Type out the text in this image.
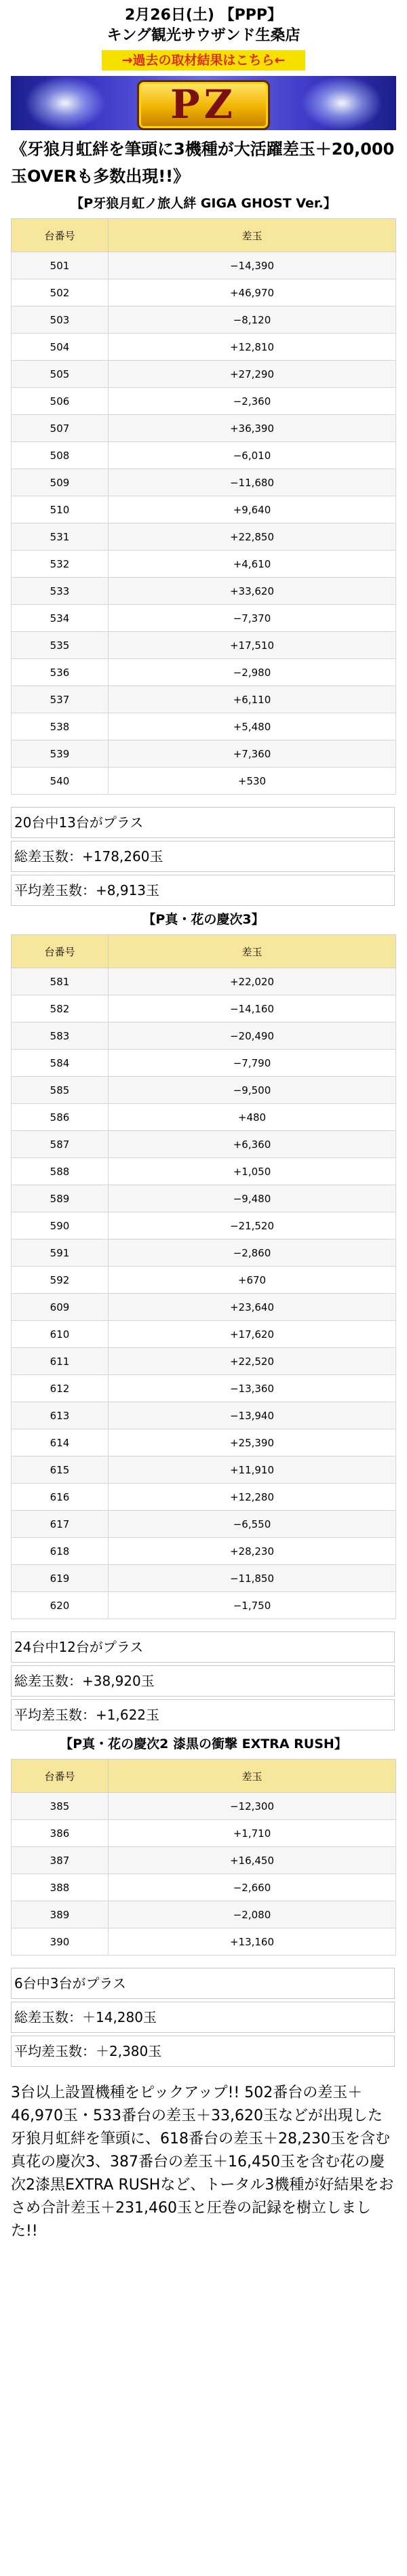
2月26日(土) 【PPP】
キング観光サウザンド生桑店
→過去の取材結果はこちら←
PZ
《牙狼月虹絆を筆頭に3機種が大活躍差玉＋20,000玉OVERも多数出現!!》
【P牙狼月虹ノ旅人絆 GIGA GHOST Ver.】
台番号	差玉
501	−14,390
502	+46,970
503	−8,120
504	+12,810
505	+27,290
506	−2,360
507	+36,390
508	−6,010
509	−11,680
510	+9,640
531	+22,850
532	+4,610
533	+33,620
534	−7,370
535	+17,510
536	−2,980
537	+6,110
538	+5,480
539	+7,360
540	+530
20台中13台がプラス
総差玉数：+178,260玉
平均差玉数：+8,913玉
【P真・花の慶次3】
台番号	差玉
581	+22,020
582	−14,160
583	−20,490
584	−7,790
585	−9,500
586	+480
587	+6,360
588	+1,050
589	−9,480
590	−21,520
591	−2,860
592	+670
609	+23,640
610	+17,620
611	+22,520
612	−13,360
613	−13,940
614	+25,390
615	+11,910
616	+12,280
617	−6,550
618	+28,230
619	−11,850
620	−1,750
24台中12台がプラス
総差玉数：+38,920玉
平均差玉数：+1,622玉
【P真・花の慶次2 漆黒の衝撃 EXTRA RUSH】
台番号	差玉
385	−12,300
386	+1,710
387	+16,450
388	−2,660
389	−2,080
390	+13,160
6台中3台がプラス
総差玉数：＋14,280玉
平均差玉数：＋2,380玉
3台以上設置機種をピックアップ!! 502番台の差玉＋46,970玉・533番台の差玉＋33,620玉などが出現した牙狼月虹絆を筆頭に、618番台の差玉＋28,230玉を含む真花の慶次3、387番台の差玉＋16,450玉を含む花の慶次2漆黒EXTRA RUSHなど、トータル3機種が好結果をおさめ合計差玉＋231,460玉と圧巻の記録を樹立しました!!
